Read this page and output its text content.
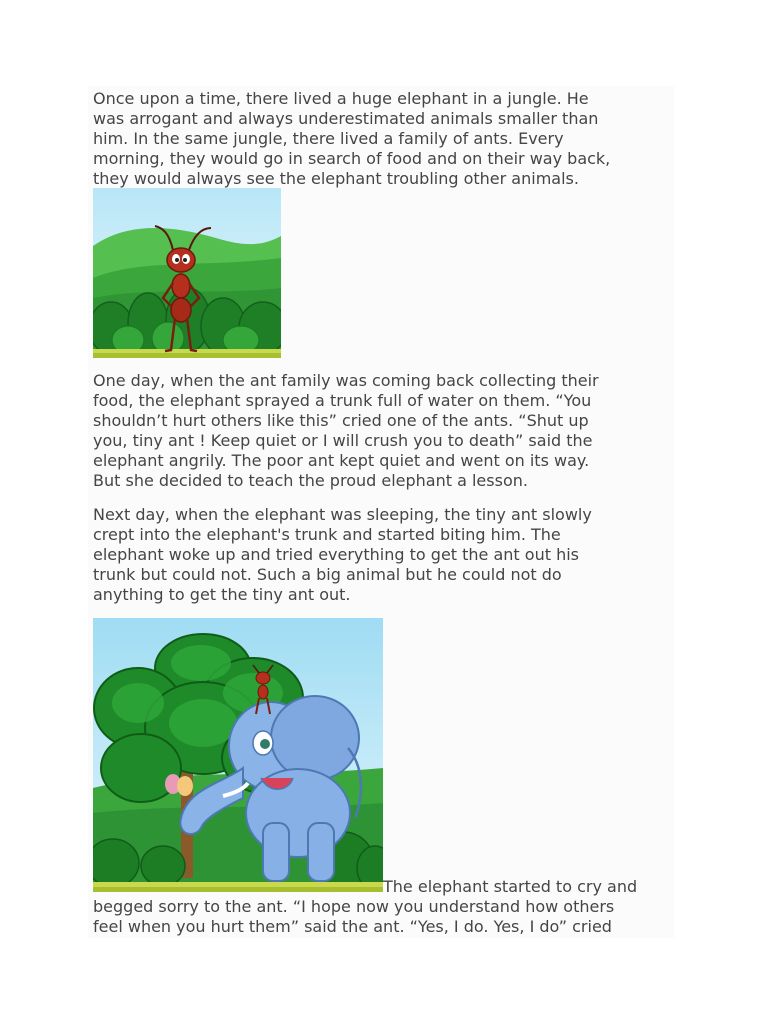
Once upon a time, there lived a huge elephant in a jungle. He
was arrogant and always underestimated animals smaller than
him. In the same jungle, there lived a family of ants. Every
morning, they would go in search of food and on their way back,
they would always see the elephant troubling other animals.

One day, when the ant family was coming back collecting their
food, the elephant sprayed a trunk full of water on them. “You
shouldn’t hurt others like this” cried one of the ants. “Shut up
you, tiny ant ! Keep quiet or I will crush you to death” said the
elephant angrily. The poor ant kept quiet and went on its way.
But she decided to teach the proud elephant a lesson.

Next day, when the elephant was sleeping, the tiny ant slowly
crept into the elephant's trunk and started biting him. The
elephant woke up and tried everything to get the ant out his
trunk but could not. Such a big animal but he could not do
anything to get the tiny ant out.

The elephant started to cry and

begged sorry to the ant. “I hope now you understand how others
feel when you hurt them” said the ant. “Yes, I do. Yes, I do” cried
